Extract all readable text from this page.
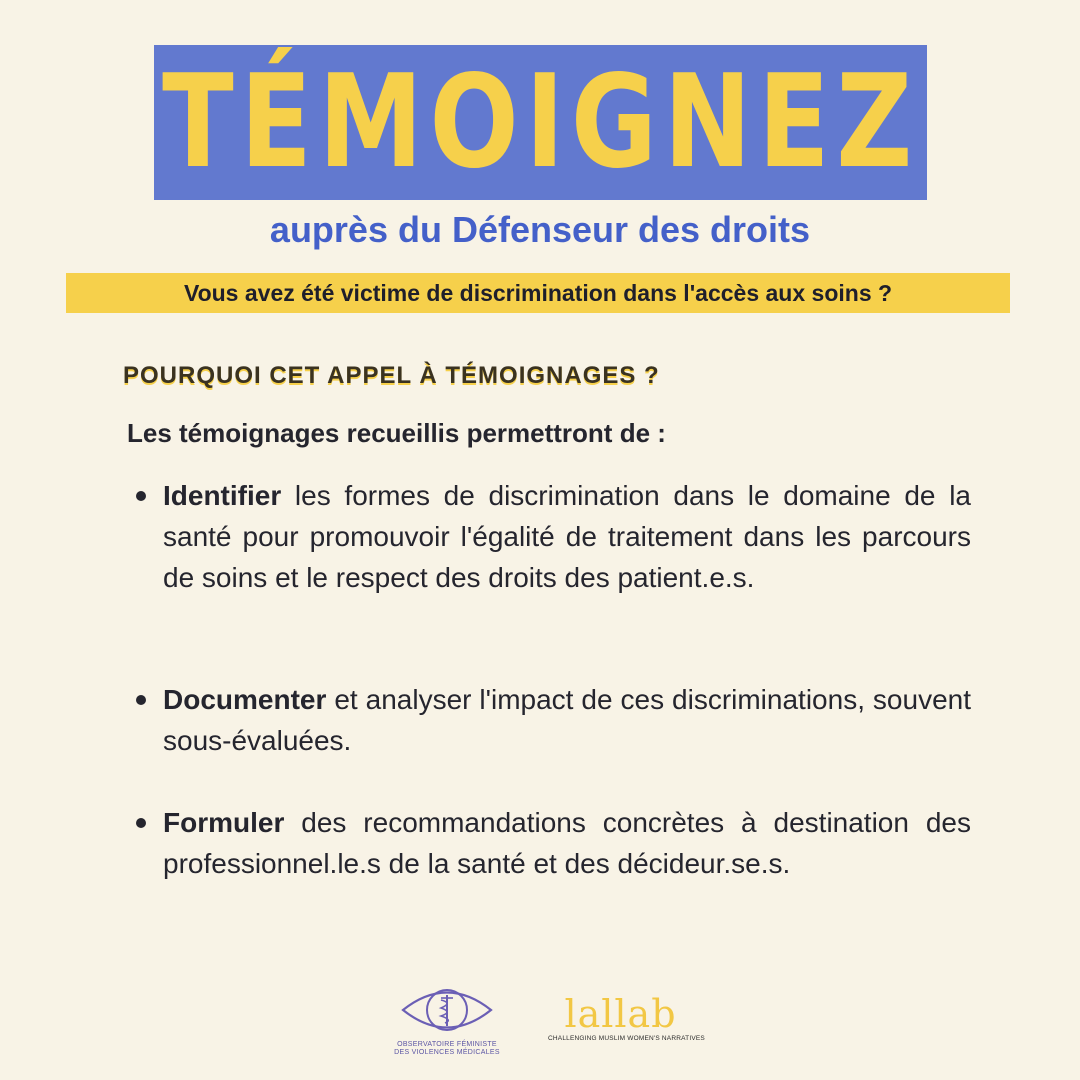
TÉMOIGNEZ
auprès du Défenseur des droits
Vous avez été victime de discrimination dans l'accès aux soins ?
POURQUOI CET APPEL À TÉMOIGNAGES ?
Les témoignages recueillis permettront de :
Identifier les formes de discrimination dans le domaine de la santé pour promouvoir l'égalité de traitement dans les parcours de soins et le respect des droits des patient.e.s.
Documenter et analyser l'impact de ces discriminations, souvent sous-évaluées.
Formuler des recommandations concrètes à destination des professionnel.le.s de la santé et des décideur.se.s.
OBSERVATOIRE FÉMINISTE
DES VIOLENCES MÉDICALES
lallab
CHALLENGING MUSLIM WOMEN'S NARRATIVES
